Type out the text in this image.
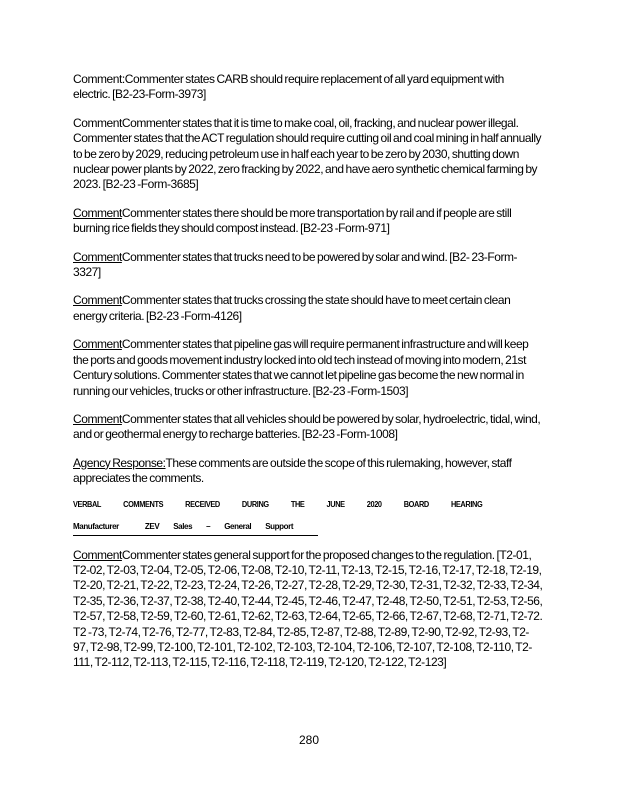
Comment:Commenter states CARB should require replacement of all yard equipment with electric. [B2-23-Form-3973]

CommentCommenter states that it is time to make coal, oil, fracking, and nuclear power illegal. Commenter states that the ACT regulation should require cutting oil and coal mining in half annually to be zero by 2029, reducing petroleum use in half each year to be zero by 2030, shutting down nuclear power plants by 2022, zero fracking by 2022, and have aero synthetic chemical farming by 2023. [B2-23 -Form-3685]

CommentCommenter states there should be more transportation by rail and if people are still burning rice fields they should compost instead. [B2-23 -Form-971]

CommentCommenter states that trucks need to be powered by solar and wind. [B2- 23-Form-3327]

CommentCommenter states that trucks crossing the state should have to meet certain clean energy criteria. [B2-23 -Form-4126]

CommentCommenter states that pipeline gas will require permanent infrastructure and will keep the ports and goods movement industry locked into old tech instead of moving into modern, 21st Century solutions. Commenter states that we cannot let pipeline gas become the new normal in running our vehicles, trucks or other infrastructure. [B2-23 -Form-1503]

CommentCommenter states that all vehicles should be powered by solar, hydroelectric, tidal, wind, and or geothermal energy to recharge batteries. [B2-23 -Form-1008]

Agency Response:These comments are outside the scope of this rulemaking, however, staff appreciates the comments.

VERBAL	COMMENTS	RECEIVED	DURING	THE	JUNE	2020	BOARD	HEARING
Manufacturer	ZEV Sales – General Support

CommentCommenter states general support for the proposed changes to the regulation. [T2-01, T2-02, T2-03, T2-04, T2-05, T2-06, T2-08, T2-10, T2-11, T2-13, T2-15, T2-16, T2-17, T2-18, T2-19, T2-20, T2-21, T2-22, T2-23, T2-24, T2-26, T2-27, T2-28, T2-29, T2-30, T2-31, T2-32, T2-33, T2-34, T2-35, T2-36, T2-37, T2-38, T2-40, T2-44, T2-45, T2-46, T2-47, T2-48, T2-50, T2-51, T2-53, T2-56, T2-57, T2-58, T2-59, T2-60, T2-61, T2-62, T2-63, T2-64, T2-65, T2-66, T2-67, T2-68, T2-71, T2-72. T2 -73, T2-74, T2-76, T2-77, T2-83, T2-84, T2-85, T2-87, T2-88, T2-89, T2-90, T2-92, T2-93, T2-97, T2-98, T2-99, T2-100, T2-101, T2-102, T2-103, T2-104, T2-106, T2-107, T2-108, T2-110, T2-111, T2-112, T2-113, T2-115, T2-116, T2-118, T2-119, T2-120, T2-122, T2-123]

280
